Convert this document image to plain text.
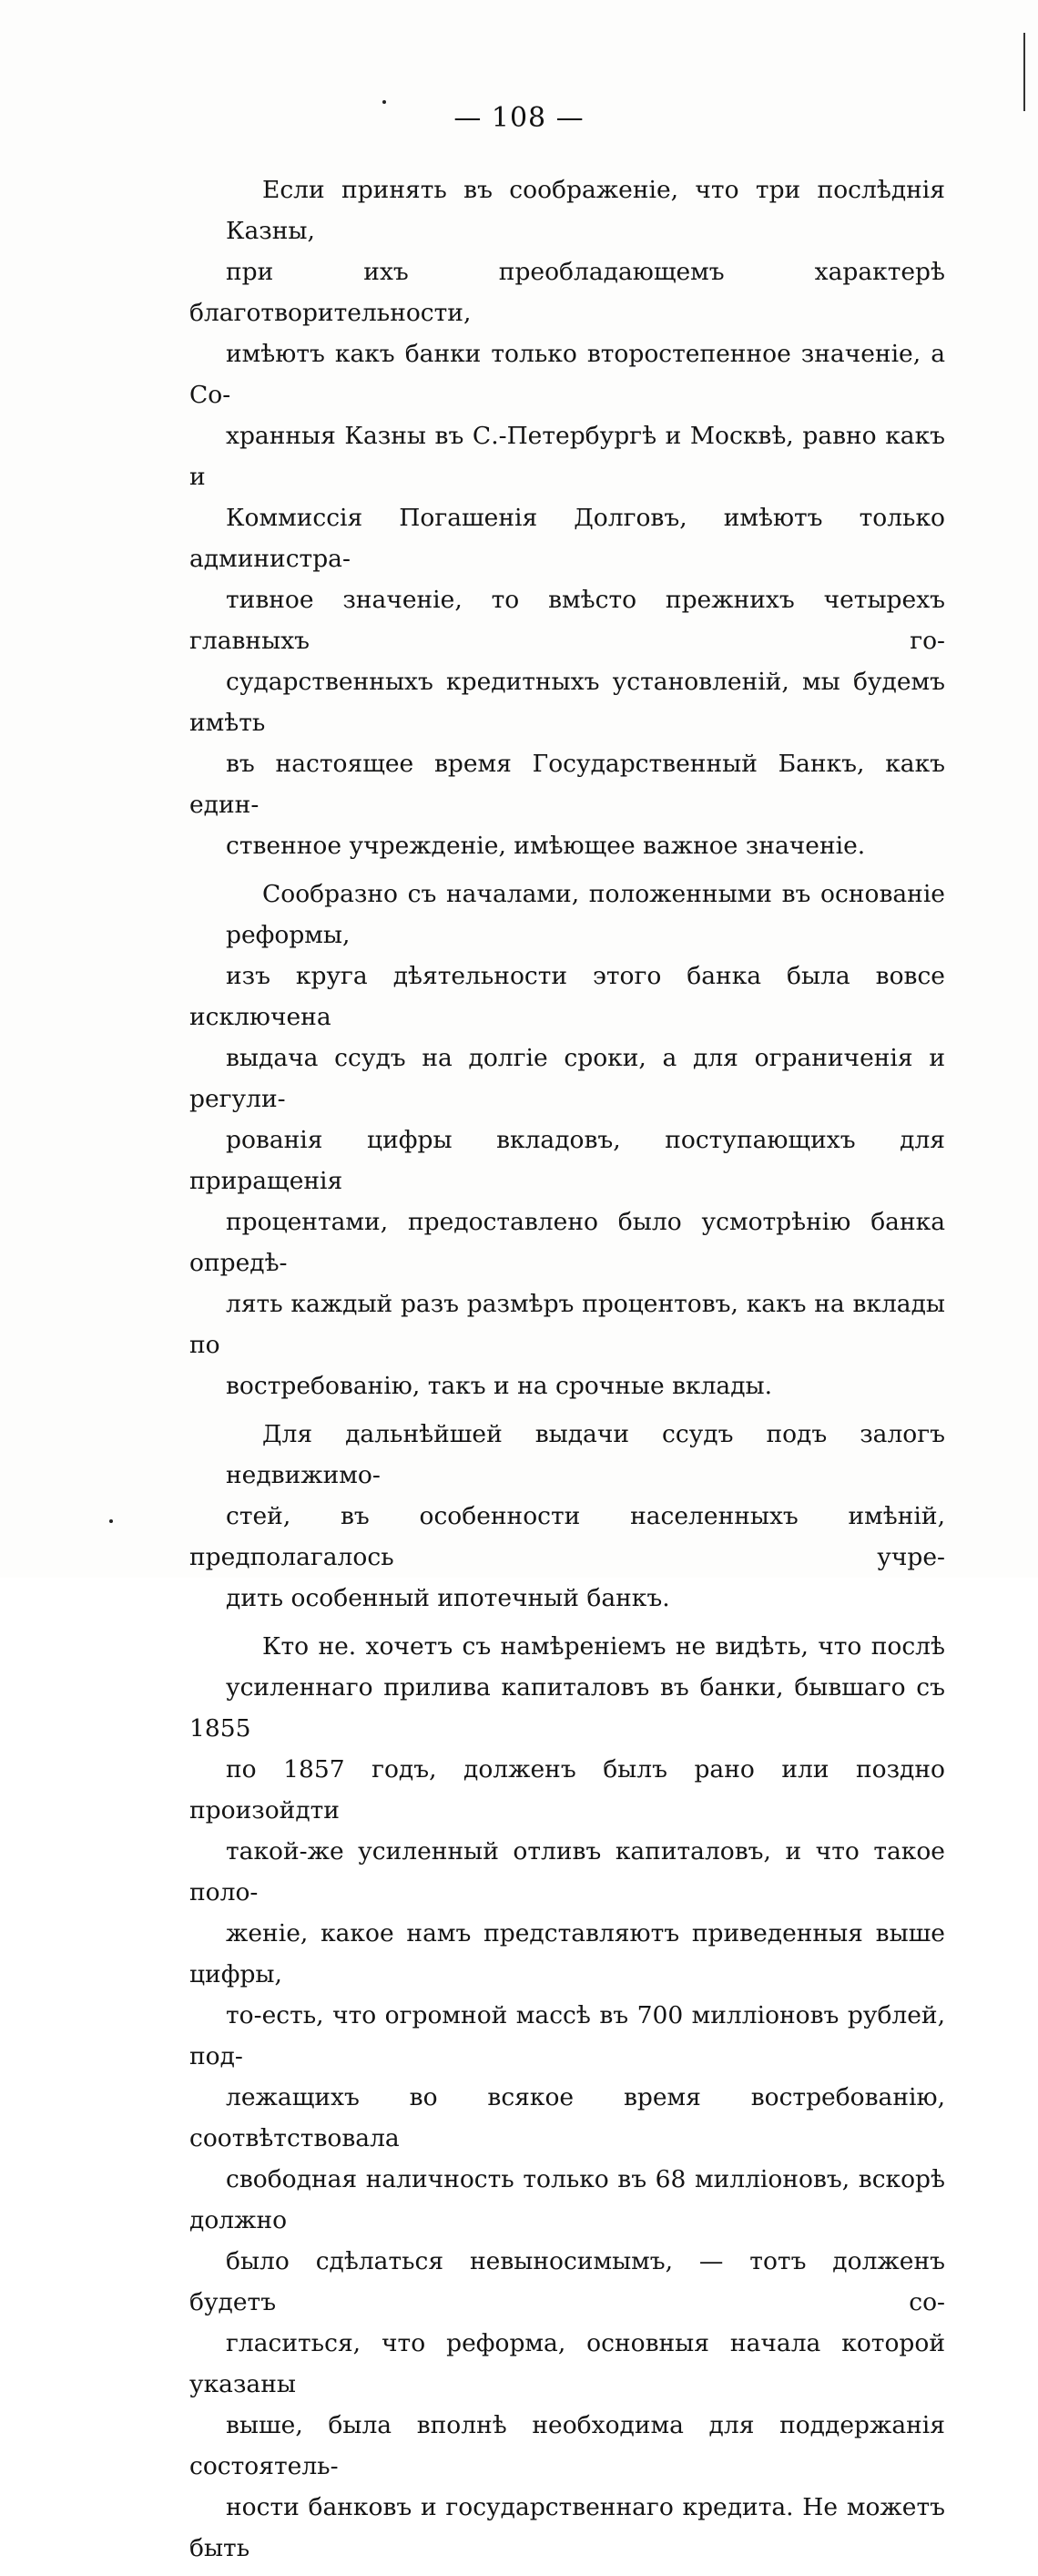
— 108 —

Если принять въ соображеніе, что три послѣднія Казны,
при ихъ преобладающемъ характерѣ благотворительности,
имѣютъ какъ банки только второстепенное значеніе, а Со-
хранныя Казны въ С.-Петербургѣ и Москвѣ, равно какъ и
Коммиссія Погашенія Долговъ, имѣютъ только администра-
тивное значеніе, то вмѣсто прежнихъ четырехъ главныхъ го-
сударственныхъ кредитныхъ установленій, мы будемъ имѣть
въ настоящее время Государственный Банкъ, какъ един-
ственное учрежденіе, имѣющее важное значеніе.

Сообразно съ началами, положенными въ основаніе реформы,
изъ круга дѣятельности этого банка была вовсе исключена
выдача ссудъ на долгіе сроки, а для ограниченія и регули-
рованія цифры вкладовъ, поступающихъ для приращенія
процентами, предоставлено было усмотрѣнію банка опредѣ-
лять каждый разъ размѣръ процентовъ, какъ на вклады по
востребованію, такъ и на срочные вклады.

Для дальнѣйшей выдачи ссудъ подъ залогъ недвижимо-
стей, въ особенности населенныхъ имѣній, предполагалось учре-
дить особенный ипотечный банкъ.

Кто не. хочетъ съ намѣреніемъ не видѣть, что послѣ
усиленнаго прилива капиталовъ въ банки, бывшаго съ 1855
по 1857 годъ, долженъ былъ рано или поздно произойдти
такой-же усиленный отливъ капиталовъ, и что такое поло-
женіе, какое намъ представляютъ приведенныя выше цифры,
то-есть, что огромной массѣ въ 700 милліоновъ рублей, под-
лежащихъ во всякое время востребованію, соотвѣтствовала
свободная наличность только въ 68 милліоновъ, вскорѣ должно
было сдѣлаться невыносимымъ, — тотъ долженъ будетъ со-
гласиться, что реформа, основныя начала которой указаны
выше, была вполнѣ необходима для поддержанія состоятель-
ности банковъ и государственнаго кредита. Не можетъ быть
